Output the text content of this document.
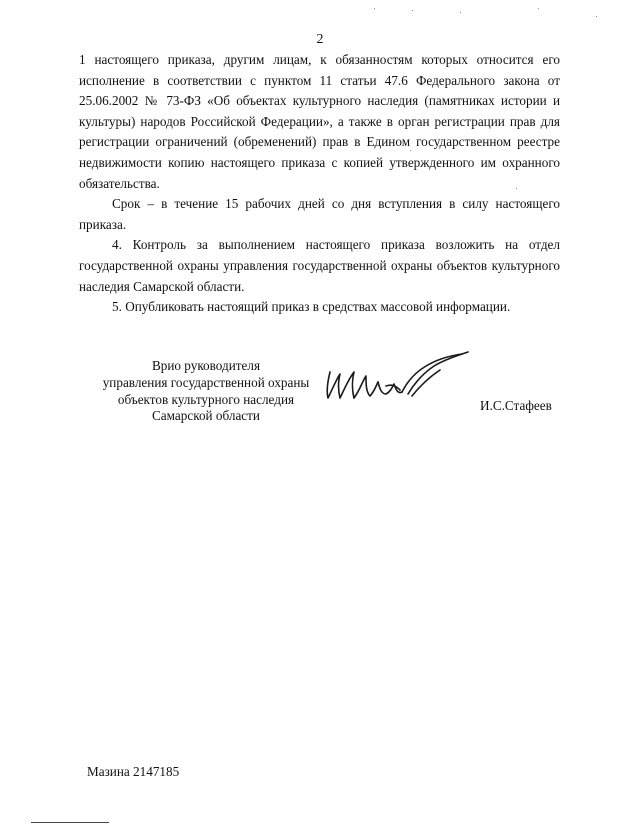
2

1 настоящего приказа, другим лицам, к обязанностям которых относится его исполнение в соответствии с пунктом 11 статьи 47.6 Федерального закона от 25.06.2002 № 73-ФЗ «Об объектах культурного наследия (памятниках истории и культуры) народов Российской Федерации», а также в орган регистрации прав для регистрации ограничений (обременений) прав в Едином государственном реестре недвижимости копию настоящего приказа с копией утвержденного им охранного обязательства.

Срок – в течение 15 рабочих дней со дня вступления в силу настоящего приказа.

4. Контроль за выполнением настоящего приказа возложить на отдел государственной охраны управления государственной охраны объектов культурного наследия Самарской области.

5. Опубликовать настоящий приказ в средствах массовой информации.

Врио руководителя
управления государственной охраны
объектов культурного наследия
Самарской области
И.С.Стафеев
Мазина 2147185
